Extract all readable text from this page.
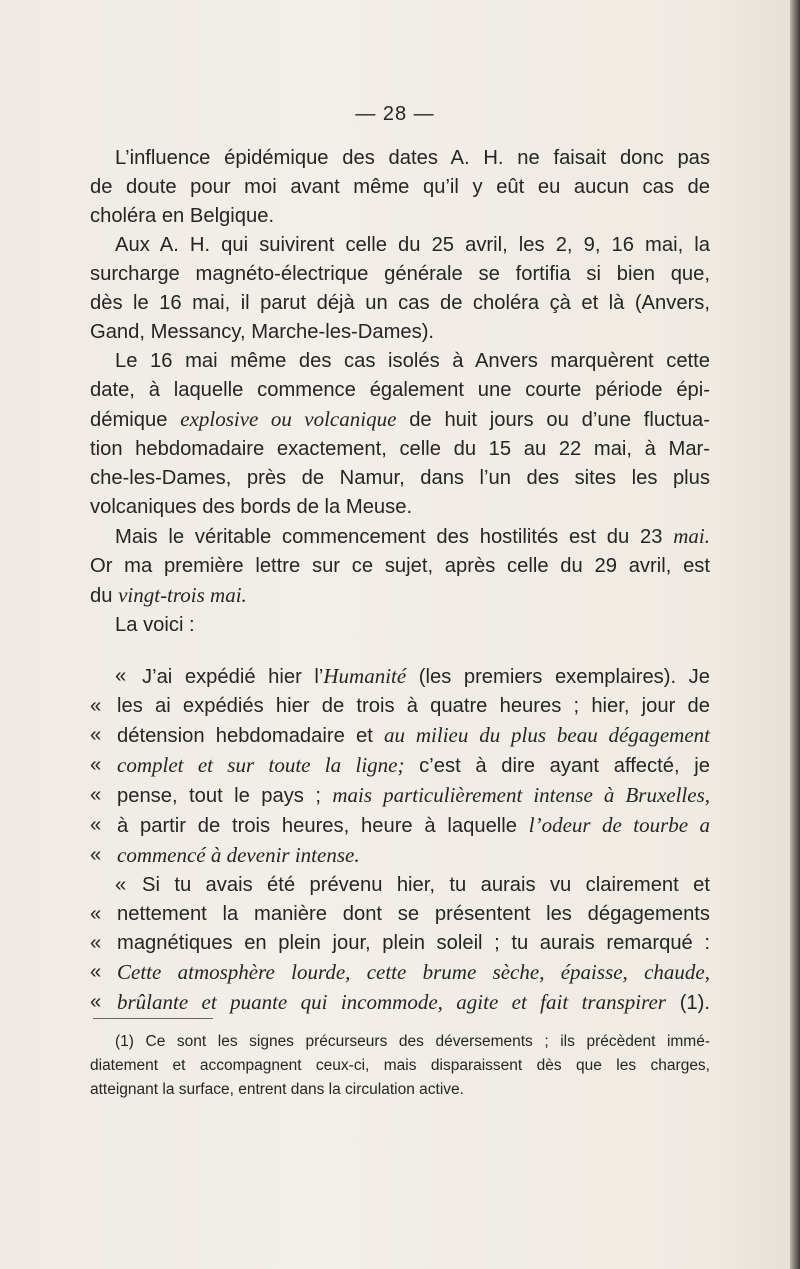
— 28 —

L’influence épidémique des dates A. H. ne faisait donc pas
de doute pour moi avant même qu’il y eût eu aucun cas de
choléra en Belgique.

Aux A. H. qui suivirent celle du 25 avril, les 2, 9, 16 mai, la
surcharge magnéto-électrique générale se fortifia si bien que,
dès le 16 mai, il parut déjà un cas de choléra çà et là (Anvers,
Gand, Messancy, Marche-les-Dames).

Le 16 mai même des cas isolés à Anvers marquèrent cette
date, à laquelle commence également une courte période épi-
démique explosive ou volcanique de huit jours ou d’une fluctua-
tion hebdomadaire exactement, celle du 15 au 22 mai, à Mar-
che-les-Dames, près de Namur, dans l’un des sites les plus
volcaniques des bords de la Meuse.

Mais le véritable commencement des hostilités est du 23 mai.
Or ma première lettre sur ce sujet, après celle du 29 avril, est
du vingt-trois mai.
La voici :

« J’ai expédié hier l’Humanité (les premiers exemplaires). Je
« les ai expédiés hier de trois à quatre heures ; hier, jour de
« détension hebdomadaire et au milieu du plus beau dégagement
« complet et sur toute la ligne; c’est à dire ayant affecté, je
« pense, tout le pays ; mais particulièrement intense à Bruxelles,
« à partir de trois heures, heure à laquelle l’odeur de tourbe a
« commencé à devenir intense.

« Si tu avais été prévenu hier, tu aurais vu clairement et
« nettement la manière dont se présentent les dégagements
« magnétiques en plein jour, plein soleil ; tu aurais remarqué :
« Cette atmosphère lourde, cette brume sèche, épaisse, chaude,
« brûlante et puante qui incommode, agite et fait transpirer (1).

(1) Ce sont les signes précurseurs des déversements ; ils précèdent immé-
diatement et accompagnent ceux-ci, mais disparaissent dès que les charges,
atteignant la surface, entrent dans la circulation active.
